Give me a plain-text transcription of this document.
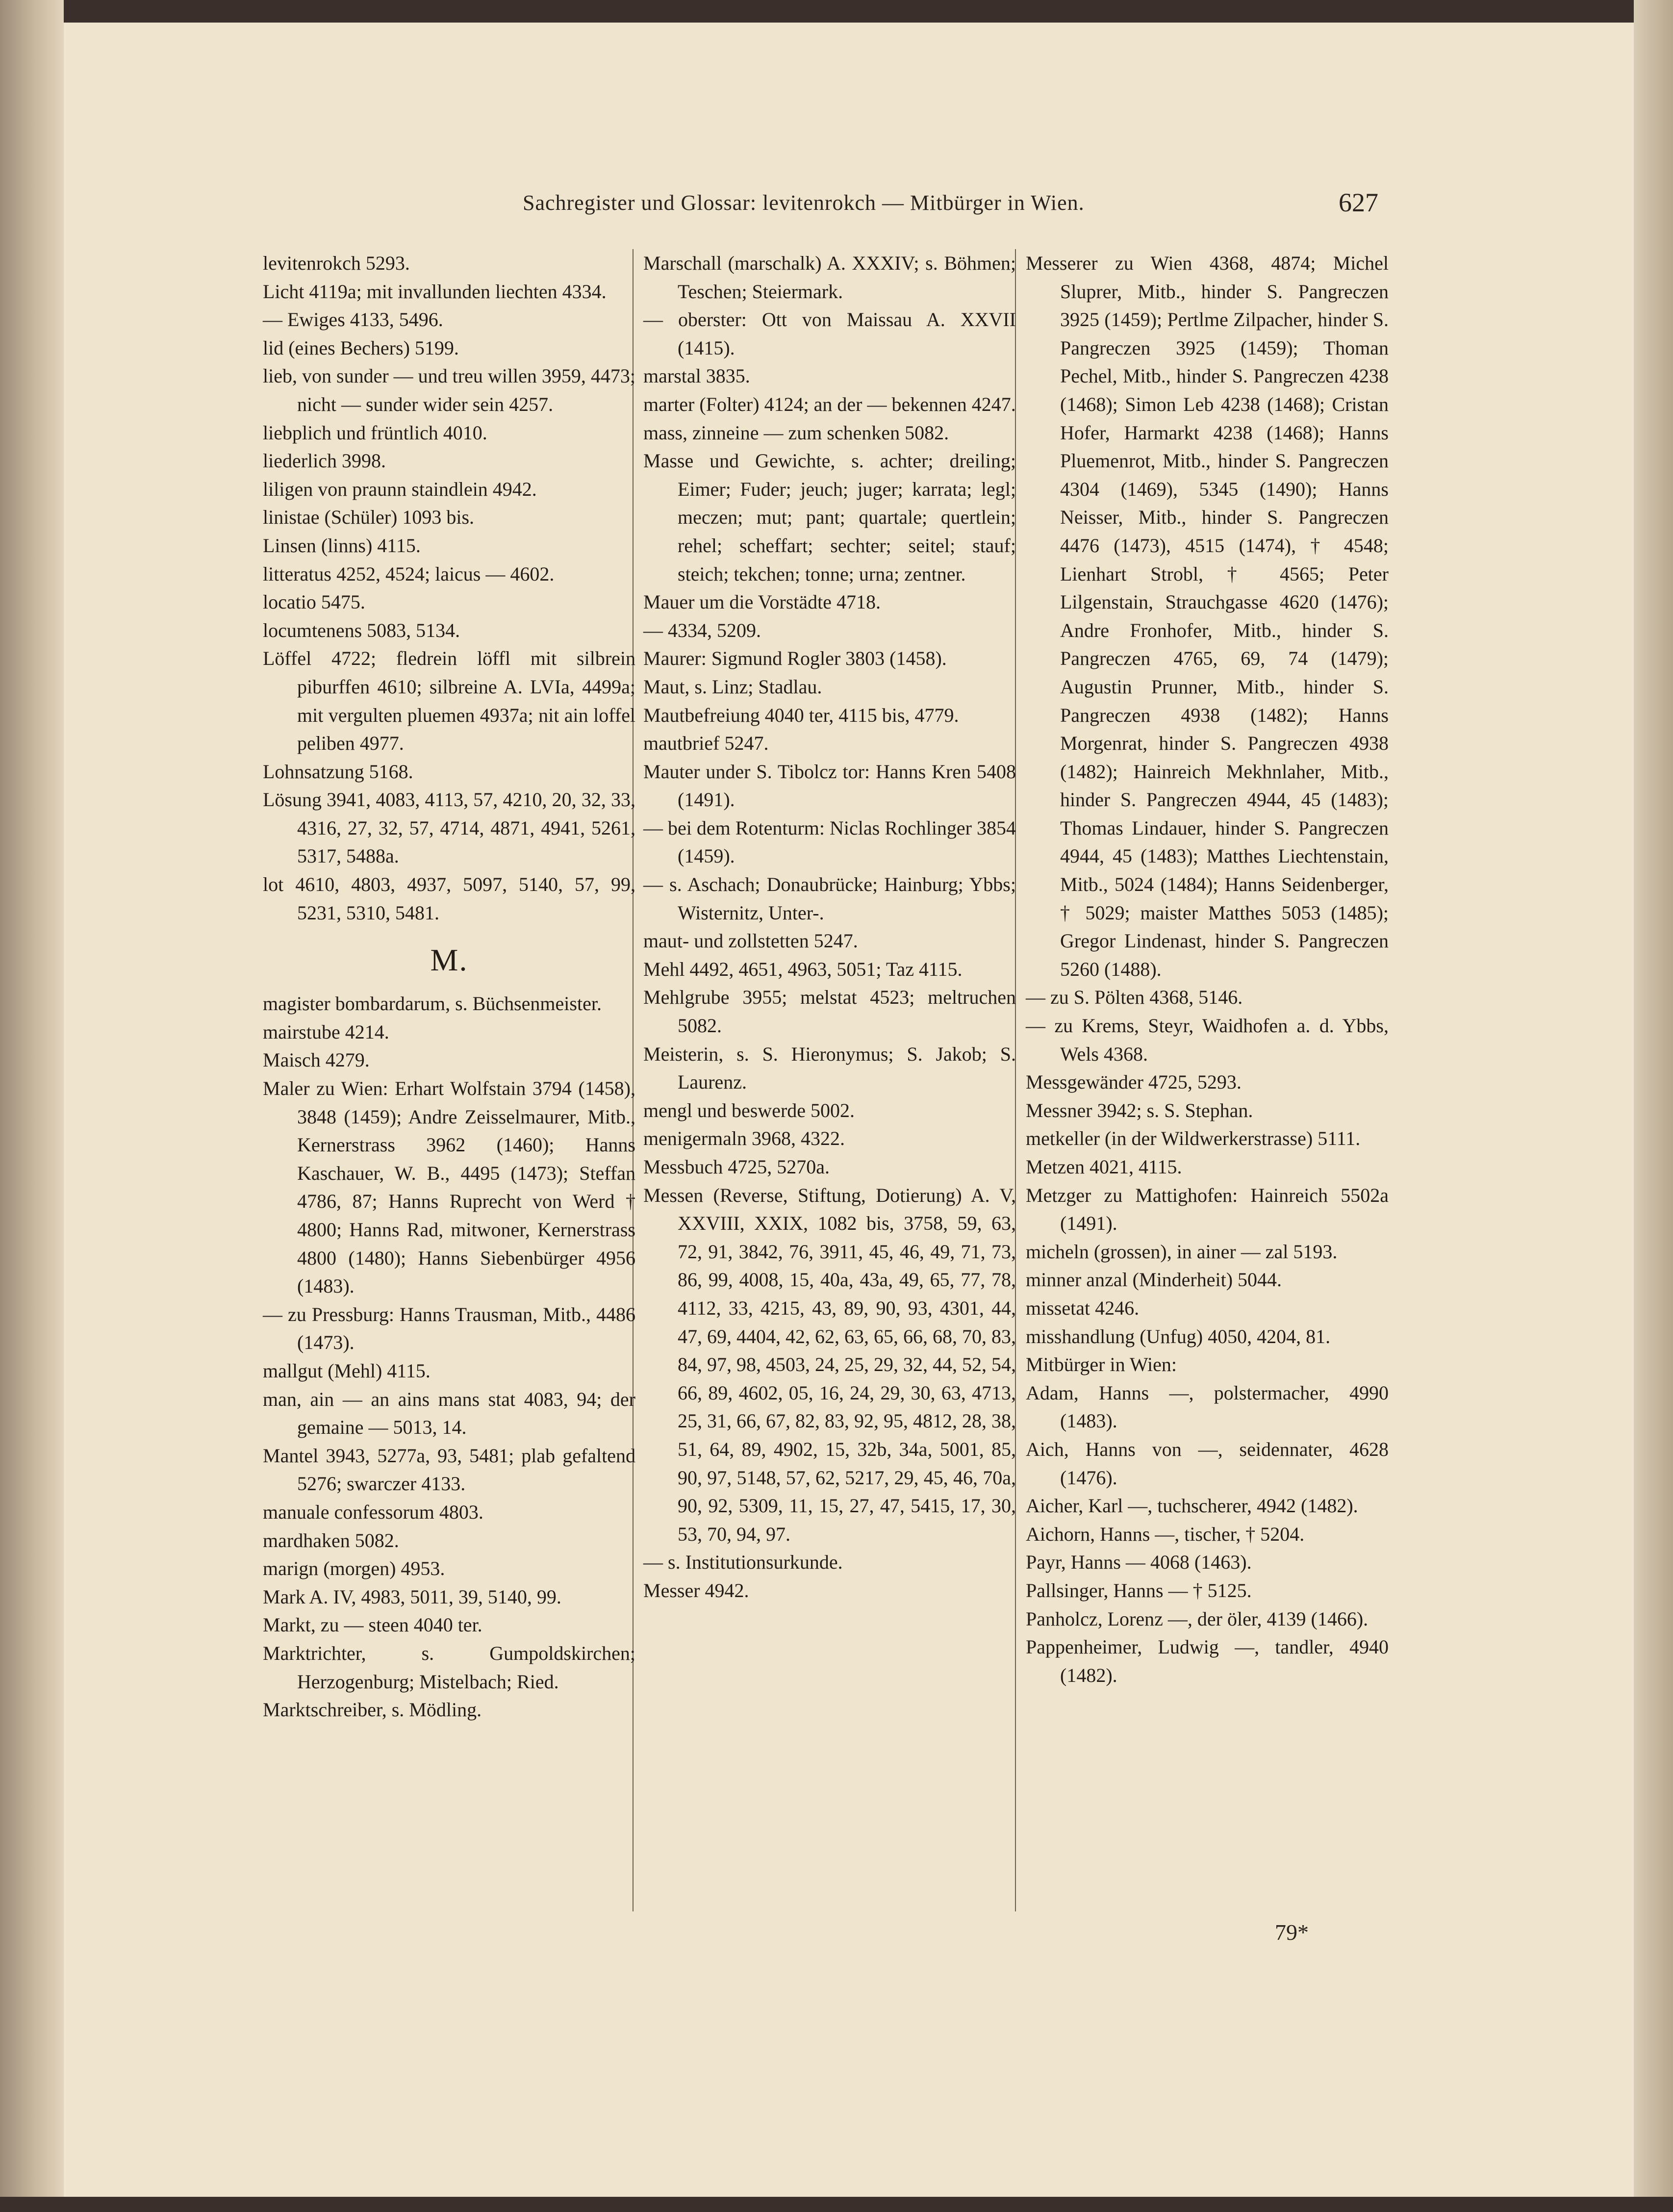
Sachregister und Glossar: levitenrokch — Mitbürger in Wien.	627
levitenrokch 5293.
Licht 4119a; mit invallunden liechten 4334.
— Ewiges 4133, 5496.
lid (eines Bechers) 5199.
lieb, von sunder — und treu willen 3959, 4473; nicht — sunder wider sein 4257.
liebplich und früntlich 4010.
liederlich 3998.
liligen von praunn staindlein 4942.
linistae (Schüler) 1093 bis.
Linsen (linns) 4115.
litteratus 4252, 4524; laicus — 4602.
locatio 5475.
locumtenens 5083, 5134.
Löffel 4722; fledrein löffl mit silbrein piburffen 4610; silbreine A. LVIa, 4499a; mit vergulten pluemen 4937a; nit ain loffel peliben 4977.
Lohnsatzung 5168.
Lösung 3941, 4083, 4113, 57, 4210, 20, 32, 33, 4316, 27, 32, 57, 4714, 4871, 4941, 5261, 5317, 5488a.
lot 4610, 4803, 4937, 5097, 5140, 57, 99, 5231, 5310, 5481.
M.
magister bombardarum, s. Büchsenmeister.
mairstube 4214.
Maisch 4279.
Maler zu Wien: Erhart Wolfstain 3794 (1458), 3848 (1459); Andre Zeisselmaurer, Mitb., Kernerstrass 3962 (1460); Hanns Kaschauer, W. B., 4495 (1473); Steffan 4786, 87; Hanns Ruprecht von Werd † 4800; Hanns Rad, mitwoner, Kernerstrass 4800 (1480); Hanns Siebenbürger 4956 (1483).
— zu Pressburg: Hanns Trausman, Mitb., 4486 (1473).
mallgut (Mehl) 4115.
man, ain — an ains mans stat 4083, 94; der gemaine — 5013, 14.
Mantel 3943, 5277a, 93, 5481; plab gefaltend 5276; swarczer 4133.
manuale confessorum 4803.
mardhaken 5082.
marign (morgen) 4953.
Mark A. IV, 4983, 5011, 39, 5140, 99.
Markt, zu — steen 4040 ter.
Marktrichter, s. Gumpoldskirchen; Herzogenburg; Mistelbach; Ried.
Marktschreiber, s. Mödling.
Marschall (marschalk) A. XXXIV; s. Böhmen; Teschen; Steiermark.
— oberster: Ott von Maissau A. XXVII (1415).
marstal 3835.
marter (Folter) 4124; an der — bekennen 4247.
mass, zinneine — zum schenken 5082.
Masse und Gewichte, s. achter; dreiling; Eimer; Fuder; jeuch; juger; karrata; legl; meczen; mut; pant; quartale; quertlein; rehel; scheffart; sechter; seitel; stauf; steich; tekchen; tonne; urna; zentner.
Mauer um die Vorstädte 4718.
— 4334, 5209.
Maurer: Sigmund Rogler 3803 (1458).
Maut, s. Linz; Stadlau.
Mautbefreiung 4040 ter, 4115 bis, 4779.
mautbrief 5247.
Mauter under S. Tibolcz tor: Hanns Kren 5408 (1491).
— bei dem Rotenturm: Niclas Rochlinger 3854 (1459).
— s. Aschach; Donaubrücke; Hainburg; Ybbs; Wisternitz, Unter-.
maut- und zollstetten 5247.
Mehl 4492, 4651, 4963, 5051; Taz 4115.
Mehlgrube 3955; melstat 4523; meltruchen 5082.
Meisterin, s. S. Hieronymus; S. Jakob; S. Laurenz.
mengl und beswerde 5002.
menigermaln 3968, 4322.
Messbuch 4725, 5270a.
Messen (Reverse, Stiftung, Dotierung) A. V, XXVIII, XXIX, 1082 bis, 3758, 59, 63, 72, 91, 3842, 76, 3911, 45, 46, 49, 71, 73, 86, 99, 4008, 15, 40a, 43a, 49, 65, 77, 78, 4112, 33, 4215, 43, 89, 90, 93, 4301, 44, 47, 69, 4404, 42, 62, 63, 65, 66, 68, 70, 83, 84, 97, 98, 4503, 24, 25, 29, 32, 44, 52, 54, 66, 89, 4602, 05, 16, 24, 29, 30, 63, 4713, 25, 31, 66, 67, 82, 83, 92, 95, 4812, 28, 38, 51, 64, 89, 4902, 15, 32b, 34a, 5001, 85, 90, 97, 5148, 57, 62, 5217, 29, 45, 46, 70a, 90, 92, 5309, 11, 15, 27, 47, 5415, 17, 30, 53, 70, 94, 97.
— s. Institutionsurkunde.
Messer 4942.
Messerer zu Wien 4368, 4874; Michel Sluprer, Mitb., hinder S. Pangreczen 3925 (1459); Pertlme Zilpacher, hinder S. Pangreczen 3925 (1459); Thoman Pechel, Mitb., hinder S. Pangreczen 4238 (1468); Simon Leb 4238 (1468); Cristan Hofer, Harmarkt 4238 (1468); Hanns Pluemenrot, Mitb., hinder S. Pangreczen 4304 (1469), 5345 (1490); Hanns Neisser, Mitb., hinder S. Pangreczen 4476 (1473), 4515 (1474), † 4548; Lienhart Strobl, † 4565; Peter Lilgenstain, Strauchgasse 4620 (1476); Andre Fronhofer, Mitb., hinder S. Pangreczen 4765, 69, 74 (1479); Augustin Prunner, Mitb., hinder S. Pangreczen 4938 (1482); Hanns Morgenrat, hinder S. Pangreczen 4938 (1482); Hainreich Mekhnlaher, Mitb., hinder S. Pangreczen 4944, 45 (1483); Thomas Lindauer, hinder S. Pangreczen 4944, 45 (1483); Matthes Liechtenstain, Mitb., 5024 (1484); Hanns Seidenberger, † 5029; maister Matthes 5053 (1485); Gregor Lindenast, hinder S. Pangreczen 5260 (1488).
— zu S. Pölten 4368, 5146.
— zu Krems, Steyr, Waidhofen a. d. Ybbs, Wels 4368.
Messgewänder 4725, 5293.
Messner 3942; s. S. Stephan.
metkeller (in der Wildwerkerstrasse) 5111.
Metzen 4021, 4115.
Metzger zu Mattighofen: Hainreich 5502a (1491).
micheln (grossen), in ainer — zal 5193.
minner anzal (Minderheit) 5044.
missetat 4246.
misshandlung (Unfug) 4050, 4204, 81.
Mitbürger in Wien:
Adam, Hanns —, polstermacher, 4990 (1483).
Aich, Hanns von —, seidennater, 4628 (1476).
Aicher, Karl —, tuchscherer, 4942 (1482).
Aichorn, Hanns —, tischer, † 5204.
Payr, Hanns — 4068 (1463).
Pallsinger, Hanns — † 5125.
Panholcz, Lorenz —, der öler, 4139 (1466).
Pappenheimer, Ludwig —, tandler, 4940 (1482).
79*
